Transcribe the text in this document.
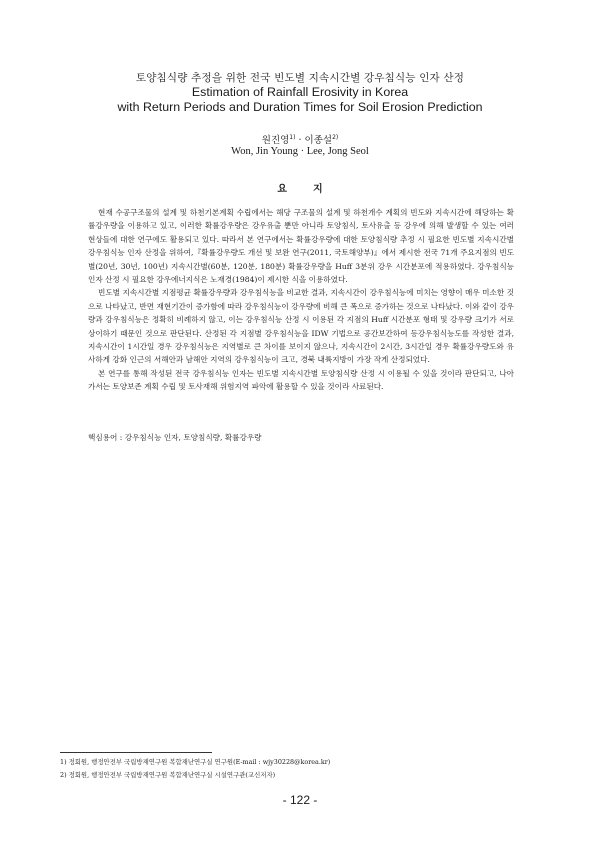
토양침식량 추정을 위한 전국 빈도별 지속시간별 강우침식능 인자 산정
Estimation of Rainfall Erosivity in Korea
with Return Periods and Duration Times for Soil Erosion Prediction
원진영$^{1)}$ · 이종설$^{2)}$
Won, Jin Young · Lee, Jong Seol
요지

현재 수공구조물의 설계 및 하천기본계획 수립에서는 해당 구조물의 설계 및 하천개수 계획의 빈도와 지속시간에 해당하는 확률강우량을 이용하고 있고, 이러한 확률강우량은 강우유출 뿐만 아니라 토양침식, 토사유출 등 강우에 의해 발생할 수 있는 여러 현상들에 대한 연구에도 활용되고 있다. 따라서 본 연구에서는 확률강우량에 대한 토양침식량 추정 시 필요한 빈도별 지속시간별 강우침식능 인자 산정을 위하여,『확률강우량도 개선 및 보완 연구(2011, 국토해양부)』에서 제시한 전국 71개 주요지점의 빈도별(20년, 30년, 100년) 지속시간별(60분, 120분, 180분) 확률강우량을 Huff 3분위 강우 시간분포에 적용하였다. 강우침식능 인자 산정 시 필요한 강우에너지식은 노재경(1984)이 제시한 식을 이용하였다.

빈도별 지속시간별 지점평균 확률강우량과 강우침식능을 비교한 결과, 지속시간이 강우침식능에 미치는 영향이 매우 미소한 것으로 나타났고, 반면 재현기간이 증가함에 따라 강우침식능이 강우량에 비해 큰 폭으로 증가하는 것으로 나타났다. 이와 같이 강우량과 강우침식능은 정확히 비례하지 않고, 이는 강우침식능 산정 시 이용된 각 지점의 Huff 시간분포 형태 및 강우량 크기가 서로 상이하기 때문인 것으로 판단된다. 산정된 각 지점별 강우침식능을 IDW 기법으로 공간보간하여 등강우침식능도를 작성한 결과, 지속시간이 1시간일 경우 강우침식능은 지역별로 큰 차이를 보이지 않으나, 지속시간이 2시간, 3시간일 경우 확률강우량도와 유사하게 강화 인근의 서해안과 남해안 지역의 강우침식능이 크고, 경북 내륙지방이 가장 작게 산정되었다.

본 연구를 통해 작성된 전국 강우침식능 인자는 빈도별 지속시간별 토양침식량 산정 시 이용될 수 있을 것이라 판단되고, 나아가서는 토양보존 계획 수립 및 토사재해 위험지역 파악에 활용할 수 있을 것이라 사료된다.

핵심용어 : 강우침식능 인자, 토양침식량, 확률강우량
1) 정회원, 행정안전부 국립방재연구원 복합재난연구실 연구원(E-mail : wjy30228@korea.kr)
2) 정회원, 행정안전부 국립방재연구원 복합재난연구실 시설연구관(교신저자)
- 122 -
